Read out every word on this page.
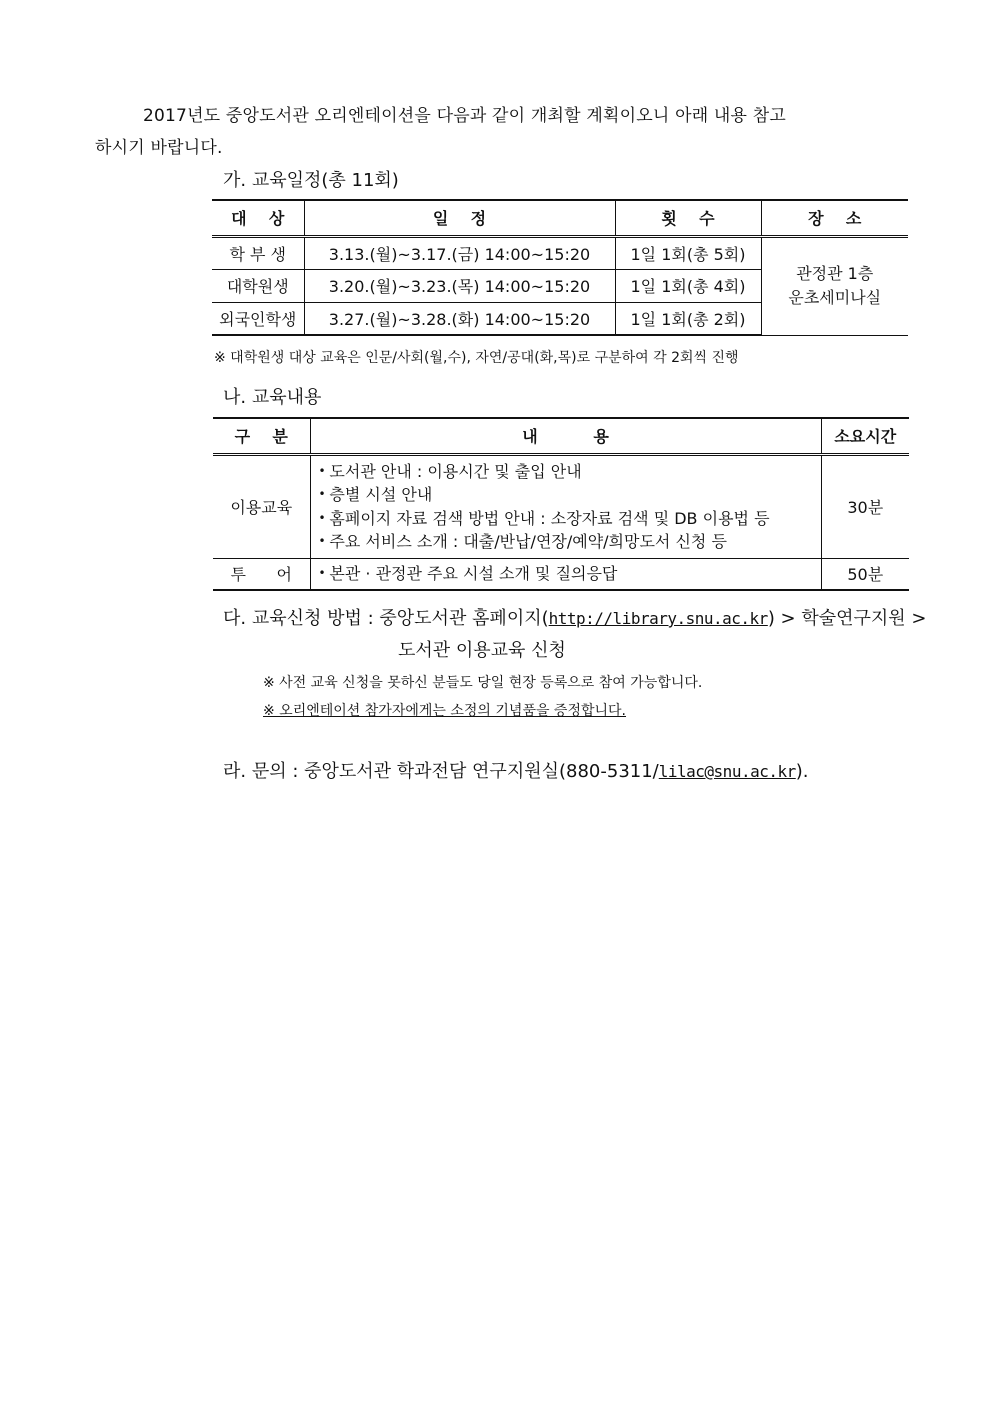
2017년도 중앙도서관 오리엔테이션을 다음과 같이 개최할 계획이오니 아래 내용 참고
하시기 바랍니다.
가. 교육일정(총 11회)
대    상	일    정	횟    수	장    소
학 부 생	3.13.(월)~3.17.(금) 14:00~15:20	1일 1회(총 5회)	관정관 1층
운초세미나실
대학원생	3.20.(월)~3.23.(목) 14:00~15:20	1일 1회(총 4회)	
외국인학생	3.27.(월)~3.28.(화) 14:00~15:20	1일 1회(총 2회)	
※ 대학원생 대상 교육은 인문/사회(월,수), 자연/공대(화,목)로 구분하여 각 2회씩 진행
나. 교육내용
구    분	내          용	소요시간
이용교육	• 도서관 안내 : 이용시간 및 출입 안내
• 층별 시설 안내
• 홈페이지 자료 검색 방법 안내 : 소장자료 검색 및 DB 이용법 등
• 주요 서비스 소개 : 대출/반납/연장/예약/희망도서 신청 등	30분
투      어	• 본관 · 관정관 주요 시설 소개 및 질의응답	50분
다. 교육신청 방법 : 중앙도서관 홈페이지(http://library.snu.ac.kr) > 학술연구지원 >
도서관 이용교육 신청
※ 사전 교육 신청을 못하신 분들도 당일 현장 등록으로 참여 가능합니다.
※ 오리엔테이션 참가자에게는 소정의 기념품을 증정합니다.
라. 문의 : 중앙도서관 학과전담 연구지원실(880-5311/lilac@snu.ac.kr).
